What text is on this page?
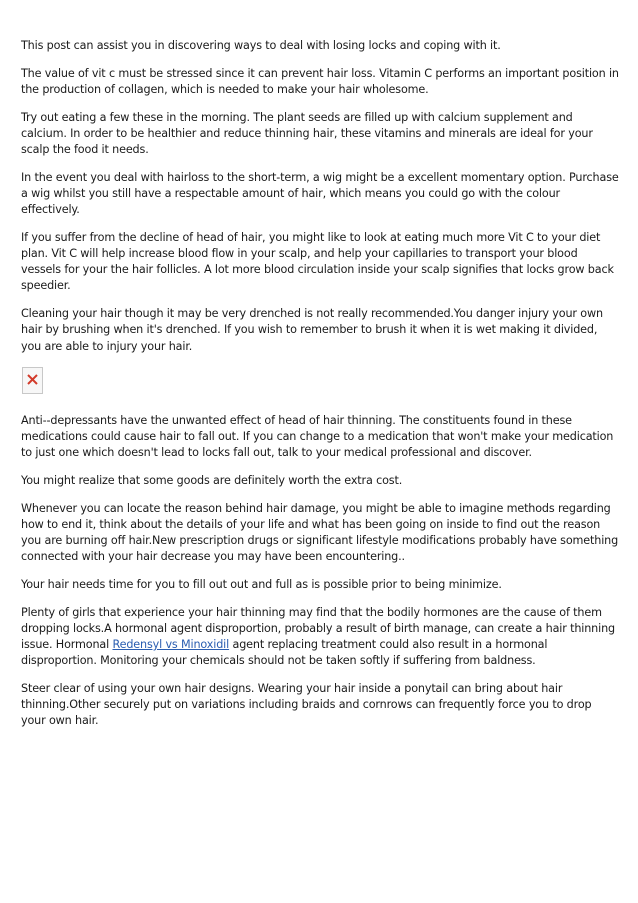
This post can assist you in discovering ways to deal with losing locks and coping with it.

The value of vit c must be stressed since it can prevent hair loss. Vitamin C performs an important position in the production of collagen, which is needed to make your hair wholesome.

Try out eating a few these in the morning. The plant seeds are filled up with calcium supplement and calcium. In order to be healthier and reduce thinning hair, these vitamins and minerals are ideal for your scalp the food it needs.

In the event you deal with hairloss to the short-term, a wig might be a excellent momentary option. Purchase a wig whilst you still have a respectable amount of hair, which means you could go with the colour effectively.

If you suffer from the decline of head of hair, you might like to look at eating much more Vit C to your diet plan. Vit C will help increase blood flow in your scalp, and help your capillaries to transport your blood vessels for your the hair follicles. A lot more blood circulation inside your scalp signifies that locks grow back speedier.

Cleaning your hair though it may be very drenched is not really recommended.You danger injury your own hair by brushing when it's drenched. If you wish to remember to brush it when it is wet making it divided, you are able to injury your hair.

Anti--depressants have the unwanted effect of head of hair thinning. The constituents found in these medications could cause hair to fall out. If you can change to a medication that won't make your medication to just one which doesn't lead to locks fall out, talk to your medical professional and discover.

You might realize that some goods are definitely worth the extra cost.

Whenever you can locate the reason behind hair damage, you might be able to imagine methods regarding how to end it, think about the details of your life and what has been going on inside to find out the reason you are burning off hair.New prescription drugs or significant lifestyle modifications probably have something connected with your hair decrease you may have been encountering..

Your hair needs time for you to fill out out and full as is possible prior to being minimize.

Plenty of girls that experience your hair thinning may find that the bodily hormones are the cause of them dropping locks.A hormonal agent disproportion, probably a result of birth manage, can create a hair thinning issue. Hormonal Redensyl vs Minoxidil agent replacing treatment could also result in a hormonal disproportion. Monitoring your chemicals should not be taken softly if suffering from baldness.

Steer clear of using your own hair designs. Wearing your hair inside a ponytail can bring about hair thinning.Other securely put on variations including braids and cornrows can frequently force you to drop your own hair.
